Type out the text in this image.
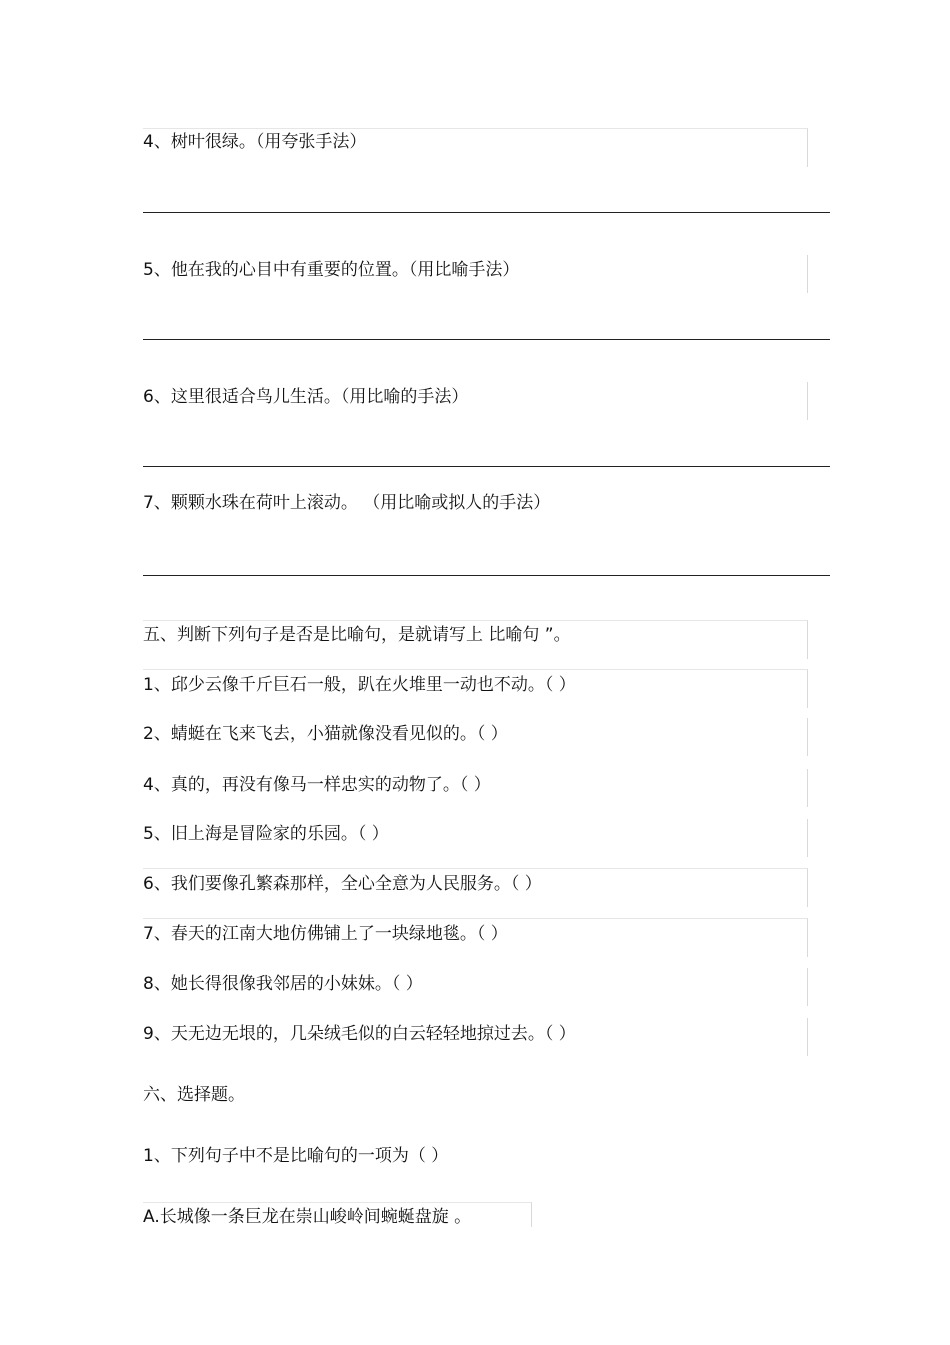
4、树叶很绿。（用夸张手法）
5、他在我的心目中有重要的位置。（用比喻手法）
6、这里很适合鸟儿生活。（用比喻的手法）
7、颗颗水珠在荷叶上滚动。 （用比喻或拟人的手法）
五、判断下列句子是否是比喻句，是就请写上 比喻句 ”。
1、邱少云像千斤巨石一般，趴在火堆里一动也不动。（ ）
2、蜻蜓在飞来飞去，小猫就像没看见似的。（ ）
4、真的，再没有像马一样忠实的动物了。（ ）
5、旧上海是冒险家的乐园。（ ）
6、我们要像孔繁森那样，全心全意为人民服务。（ ）
7、春天的江南大地仿佛铺上了一块绿地毯。（ ）
8、她长得很像我邻居的小妹妹。（ ）
9、天无边无垠的，几朵绒毛似的白云轻轻地掠过去。（ ）
六、选择题。
1、下列句子中不是比喻句的一项为（ ）
A.长城像一条巨龙在崇山峻岭间蜿蜒盘旋 。
